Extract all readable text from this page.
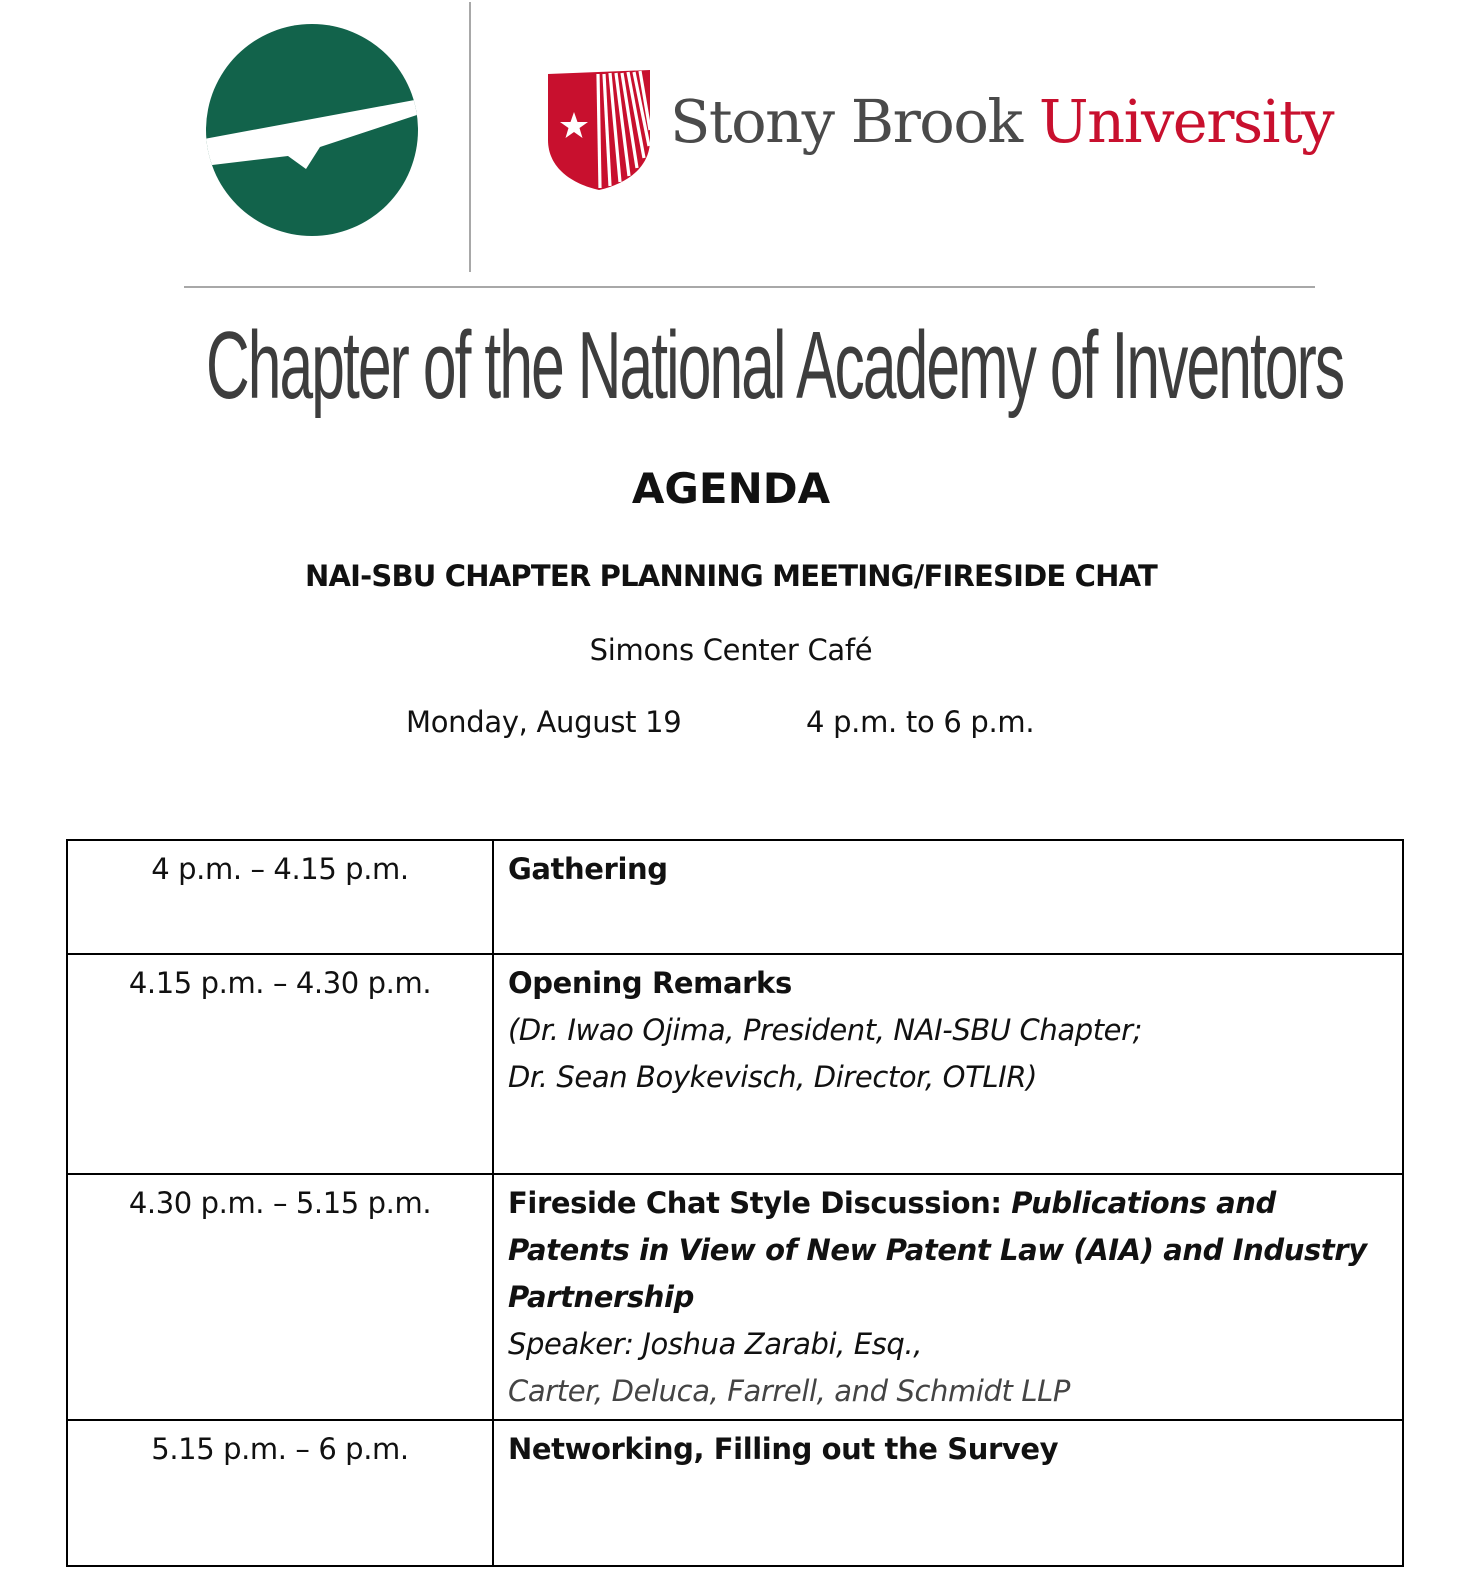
Stony Brook University
Chapter of the National Academy of Inventors
AGENDA
NAI-SBU CHAPTER PLANNING MEETING/FIRESIDE CHAT
Simons Center Café
Monday, August 19	4 p.m. to 6 p.m.
4 p.m. – 4.15 p.m.	Gathering

4.15 p.m. – 4.30 p.m.	Opening Remarks
(Dr. Iwao Ojima, President, NAI-SBU Chapter;
Dr. Sean Boykevisch, Director, OTLIR)

4.30 p.m. – 5.15 p.m.	Fireside Chat Style Discussion: Publications and
Patents in View of New Patent Law (AIA) and Industry
Partnership
Speaker: Joshua Zarabi, Esq.,
Carter, Deluca, Farrell, and Schmidt LLP

5.15 p.m. – 6 p.m.	Networking, Filling out the Survey
